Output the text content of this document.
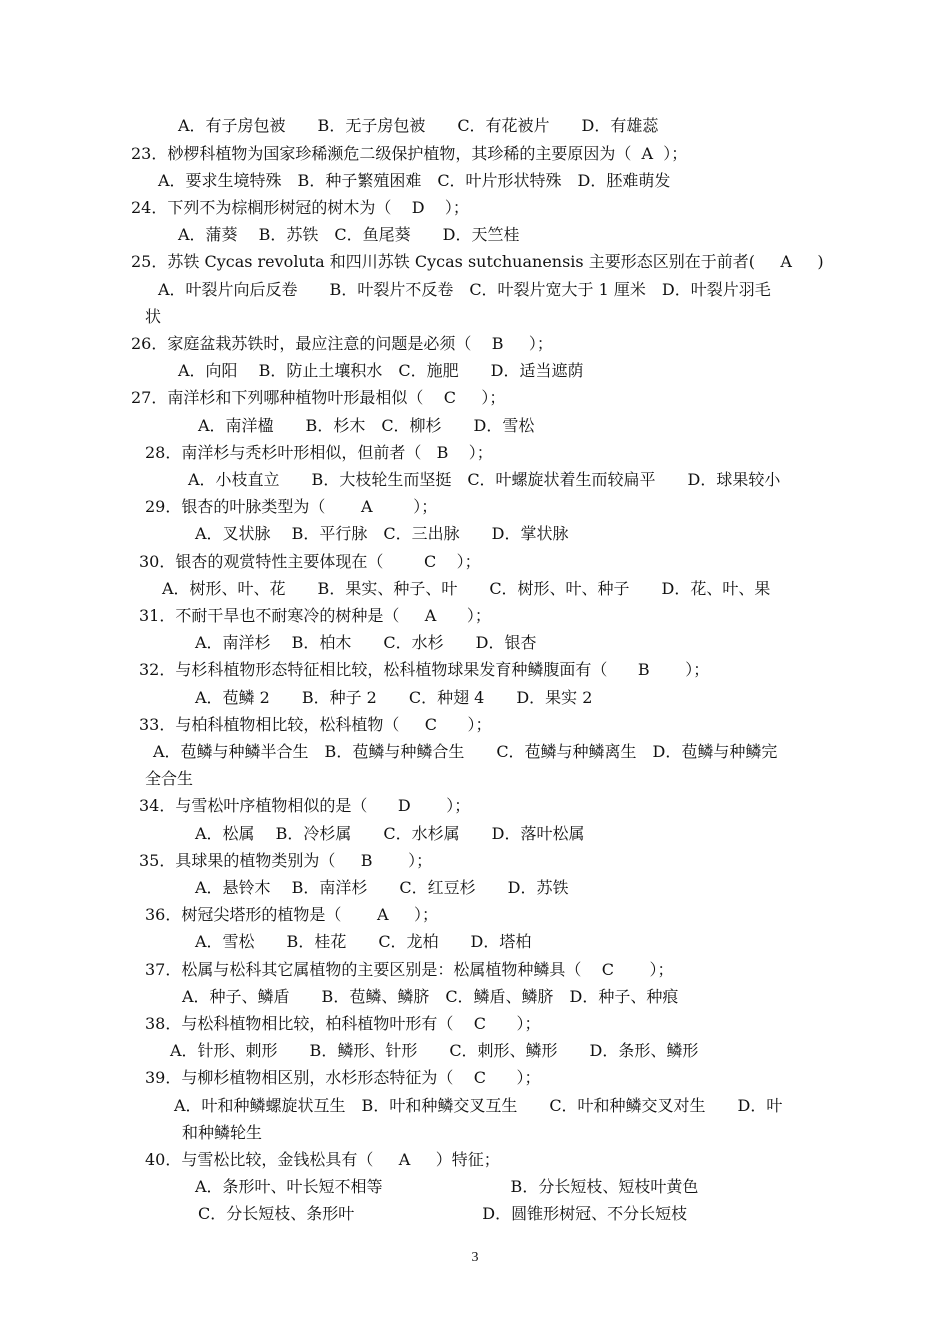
A．有子房包被　　B．无子房包被　　C．有花被片　　D．有雄蕊
23．桫椤科植物为国家珍稀濒危二级保护植物，其珍稀的主要原因为（  A  ）；
A．要求生境特殊　B．种子繁殖困难　C．叶片形状特殊　D．胚难萌发
24．下列不为棕榈形树冠的树木为（    D    ）；
A．蒲葵　 B．苏铁　C．鱼尾葵　　D．天竺桂
25．苏铁 Cycas revoluta 和四川苏铁 Cycas sutchuanensis 主要形态区别在于前者(     A     )
A．叶裂片向后反卷　　B．叶裂片不反卷　C．叶裂片宽大于 1 厘米　D．叶裂片羽毛
状
26．家庭盆栽苏铁时，最应注意的问题是必须（    B     ）；
A．向阳　 B．防止土壤积水　C．施肥　　D．适当遮荫
27．南洋杉和下列哪种植物叶形最相似（    C     ）；
A．南洋楹　　B．杉木　C．柳杉　　D．雪松
28．南洋杉与秃杉叶形相似，但前者（   B    ）；
A．小枝直立　　B．大枝轮生而坚挺　C．叶螺旋状着生而较扁平　　D．球果较小
29．银杏的叶脉类型为（       A        ）；
A．叉状脉　 B．平行脉　C．三出脉　　D．掌状脉
30．银杏的观赏特性主要体现在（        C    ）；
A．树形、叶、花　　B．果实、种子、叶　　C．树形、叶、种子　　D．花、叶、果
31．不耐干旱也不耐寒冷的树种是（     A      ）；
A．南洋杉　 B．柏木　　C．水杉　　D．银杏
32．与杉科植物形态特征相比较，松科植物球果发育种鳞腹面有（      B       ）；
A．苞鳞 2　　B．种子 2　　C．种翅 4　　D．果实 2
33．与柏科植物相比较，松科植物（     C      ）；
A．苞鳞与种鳞半合生　B．苞鳞与种鳞合生　　C．苞鳞与种鳞离生　D．苞鳞与种鳞完
全合生
34．与雪松叶序植物相似的是（      D       ）；
A．松属　 B．冷杉属　　C．水杉属　　D．落叶松属
35．具球果的植物类别为（     B       ）；
A．悬铃木　 B．南洋杉　　C．红豆杉　　D．苏铁
36．树冠尖塔形的植物是（       A     ）；
A．雪松　　B．桂花　　C．龙柏　　D．塔柏
37．松属与松科其它属植物的主要区别是：松属植物种鳞具（    C       ）；
A．种子、鳞盾　　B．苞鳞、鳞脐　C．鳞盾、鳞脐　D．种子、种痕
38．与松科植物相比较，柏科植物叶形有（    C      ）；
A．针形、刺形　　B．鳞形、针形　　C．刺形、鳞形　　D．条形、鳞形
39．与柳杉植物相区别，水杉形态特征为（    C      ）；
A．叶和种鳞螺旋状互生　B．叶和种鳞交叉互生　　C．叶和种鳞交叉对生　　D．叶
和种鳞轮生
40．与雪松比较，金钱松具有（     A     ）特征；
A．条形叶、叶长短不相等　　　　　　　　B．分长短枝、短枝叶黄色
C．分长短枝、条形叶　　　　　　　　D．圆锥形树冠、不分长短枝
3
